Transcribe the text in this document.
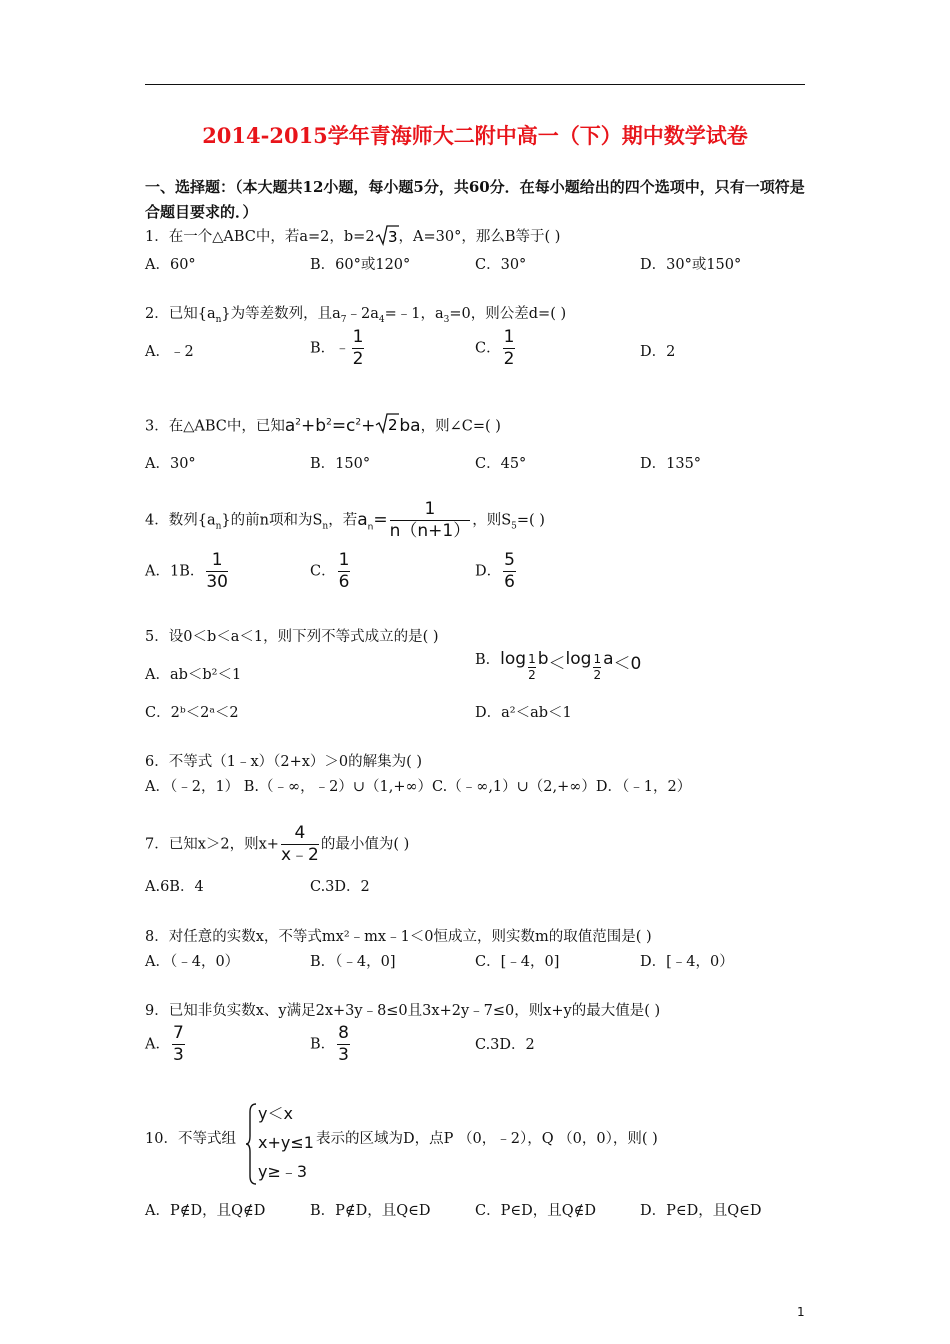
2014-2015学年青海师大二附中高一（下）期中数学试卷
一、选择题：（本大题共12小题，每小题5分，共60分．在每小题给出的四个选项中，只有一项符是合题目要求的．）
1．在一个△ABC中，若a=2，b=2 3 ，A=30°，那么B等于( )
A．60°	B．60°或120°	C．30°	D．30°或150°
2．已知$\{a_n\}$为等差数列，且$a_7﹣2a_4=﹣1$，$a_3=0$，则公差d=( )
A．﹣2	B．﹣ $\frac{1}{2}$	C． $\frac{1}{2}$	D．2
3．在△ABC中，已知$a^2+b^2=c^2+ 2$ ba，则∠C=( )
A．30°	B．150°	C．45°	D．135°
4．数列$\{a_n\}$的前n项和为$S_n$，若$a_n= \frac{1}{n(n+1)}$ ，则$S_5=$( )
A．1B． $\frac{1}{30}$	C． $\frac{1}{6}$	D． $\frac{5}{6}$
5．设0＜b＜a＜1，则下列不等式成立的是( )
A．ab＜b²＜1
B． $\log \frac{1}{2}$ $b < \log \frac{1}{2}$ a ＜0
C．2ᵇ＜2ᵃ＜2	D．a²＜ab＜1
6．不等式（1﹣x）（2+x）＞0的解集为( )
A．（﹣2，1） B.（﹣∞，﹣2）∪（1,+∞）C.（﹣∞,1）∪（2,+∞）D．（﹣1，2）
7．已知x＞2，则$x+ \frac{4}{x﹣2}$ 的最小值为( )
A.6B．4	C.3D．2
8．对任意的实数x，不等式mx²﹣mx﹣1＜0恒成立，则实数m的取值范围是( )
A．（﹣4，0）	B．（﹣4，0]	C．[﹣4，0]	D．[﹣4，0）
9．已知非负实数x、y满足2x+3y﹣8≤0且3x+2y﹣7≤0，则x+y的最大值是( )
A． $\frac{7}{3}$	B． $\frac{8}{3}$	C.3D．2
10．不等式组
y＜x
x+y≤1
y≥﹣3
表示的区域为D，点P （0，﹣2），Q （0，0），则( )
A．P∉D，且Q∉D	B．P∉D，且Q∈D	C．P∈D，且Q∉D	D．P∈D，且Q∈D
1
